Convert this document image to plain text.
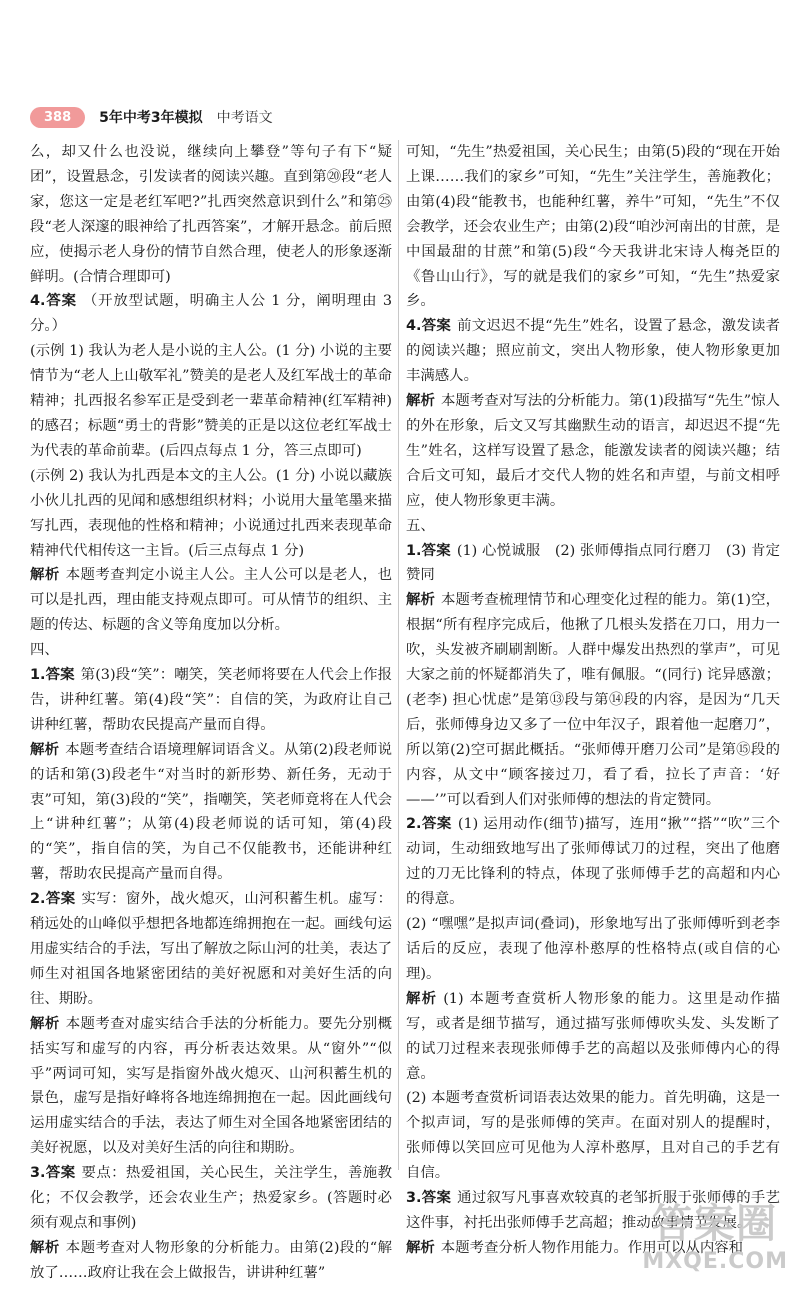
388	5年中考3年模拟 中考语文

么，却又什么也没说，继续向上攀登”等句子有下“疑团”，设置悬念，引发读者的阅读兴趣。直到第⑳段“老人家，您这一定是老红军吧?”扎西突然意识到什么”和第㉕段“老人深邃的眼神给了扎西答案”，才解开悬念。前后照应，使揭示老人身份的情节自然合理，使老人的形象逐渐鲜明。(合情合理即可)

4.答案 （开放型试题，明确主人公 1 分，阐明理由 3 分。）

(示例 1) 我认为老人是小说的主人公。(1 分) 小说的主要情节为“老人上山敬军礼”赞美的是老人及红军战士的革命精神；扎西报名参军正是受到老一辈革命精神(红军精神)的感召；标题“勇士的背影”赞美的正是以这位老红军战士为代表的革命前辈。(后四点每点 1 分，答三点即可)

(示例 2) 我认为扎西是本文的主人公。(1 分) 小说以藏族小伙儿扎西的见闻和感想组织材料；小说用大量笔墨来描写扎西，表现他的性格和精神；小说通过扎西来表现革命精神代代相传这一主旨。(后三点每点 1 分)

解析 本题考查判定小说主人公。主人公可以是老人，也可以是扎西，理由能支持观点即可。可从情节的组织、主题的传达、标题的含义等角度加以分析。

四、

1.答案 第(3)段“笑”：嘲笑，笑老师将要在人代会上作报告，讲种红薯。第(4)段“笑”：自信的笑，为政府让自己讲种红薯，帮助农民提高产量而自得。

解析 本题考查结合语境理解词语含义。从第(2)段老师说的话和第(3)段老牛“对当时的新形势、新任务，无动于衷”可知，第(3)段的“笑”，指嘲笑，笑老师竟将在人代会上“讲种红薯”；从第(4)段老师说的话可知，第(4)段的“笑”，指自信的笑，为自己不仅能教书，还能讲种红薯，帮助农民提高产量而自得。

2.答案 实写：窗外，战火熄灭，山河积蓄生机。虚写：稍远处的山峰似乎想把各地都连绵拥抱在一起。画线句运用虚实结合的手法，写出了解放之际山河的壮美，表达了师生对祖国各地紧密团结的美好祝愿和对美好生活的向往、期盼。

解析 本题考查对虚实结合手法的分析能力。要先分别概括实写和虚写的内容，再分析表达效果。从“窗外”“似乎”两词可知，实写是指窗外战火熄灭、山河积蓄生机的景色，虚写是指好峰将各地连绵拥抱在一起。因此画线句运用虚实结合的手法，表达了师生对全国各地紧密团结的美好祝愿，以及对美好生活的向往和期盼。

3.答案 要点：热爱祖国，关心民生，关注学生，善施教化；不仅会教学，还会农业生产；热爱家乡。(答题时必须有观点和事例)

解析 本题考查对人物形象的分析能力。由第(2)段的“解放了……政府让我在会上做报告，讲讲种红薯”

可知，“先生”热爱祖国，关心民生；由第(5)段的“现在开始上课……我们的家乡”可知，“先生”关注学生，善施教化；由第(4)段“能教书，也能种红薯，养牛”可知，“先生”不仅会教学，还会农业生产；由第(2)段“咱沙河南出的甘蔗，是中国最甜的甘蔗”和第(5)段“今天我讲北宋诗人梅尧臣的《鲁山山行》，写的就是我们的家乡”可知，“先生”热爱家乡。

4.答案 前文迟迟不提“先生”姓名，设置了悬念，激发读者的阅读兴趣；照应前文，突出人物形象，使人物形象更加丰满感人。

解析 本题考查对写法的分析能力。第(1)段描写“先生”惊人的外在形象，后文又写其幽默生动的语言，却迟迟不提“先生”姓名，这样写设置了悬念，能激发读者的阅读兴趣；结合后文可知，最后才交代人物的姓名和声望，与前文相呼应，使人物形象更丰满。

五、

1.答案 (1) 心悦诚服　(2) 张师傅指点同行磨刀　(3) 肯定赞同

解析 本题考查梳理情节和心理变化过程的能力。第(1)空，根据“所有程序完成后，他揪了几根头发搭在刀口，用力一吹，头发被齐刷刷割断。人群中爆发出热烈的掌声”，可见大家之前的怀疑都消失了，唯有佩服。“(同行) 诧异感激；(老李) 担心忧虑”是第⑬段与第⑭段的内容，是因为“几天后，张师傅身边又多了一位中年汉子，跟着他一起磨刀”，所以第(2)空可据此概括。“张师傅开磨刀公司”是第⑮段的内容，从文中“顾客接过刀，看了看，拉长了声音：‘好——’”可以看到人们对张师傅的想法的肯定赞同。

2.答案 (1) 运用动作(细节)描写，连用“揪”“搭”“吹”三个动词，生动细致地写出了张师傅试刀的过程，突出了他磨过的刀无比锋利的特点，体现了张师傅手艺的高超和内心的得意。

(2) “嘿嘿”是拟声词(叠词)，形象地写出了张师傅听到老李话后的反应，表现了他淳朴憨厚的性格特点(或自信的心理)。

解析 (1) 本题考查赏析人物形象的能力。这里是动作描写，或者是细节描写，通过描写张师傅吹头发、头发断了的试刀过程来表现张师傅手艺的高超以及张师傅内心的得意。

(2) 本题考查赏析词语表达效果的能力。首先明确，这是一个拟声词，写的是张师傅的笑声。在面对别人的提醒时，张师傅以笑回应可见他为人淳朴憨厚，且对自己的手艺有自信。

3.答案 通过叙写凡事喜欢较真的老邹折服于张师傅的手艺这件事，衬托出张师傅手艺高超；推动故事情节发展。

解析 本题考查分析人物作用能力。作用可以从内容和

答案圈
MXQE.COM
